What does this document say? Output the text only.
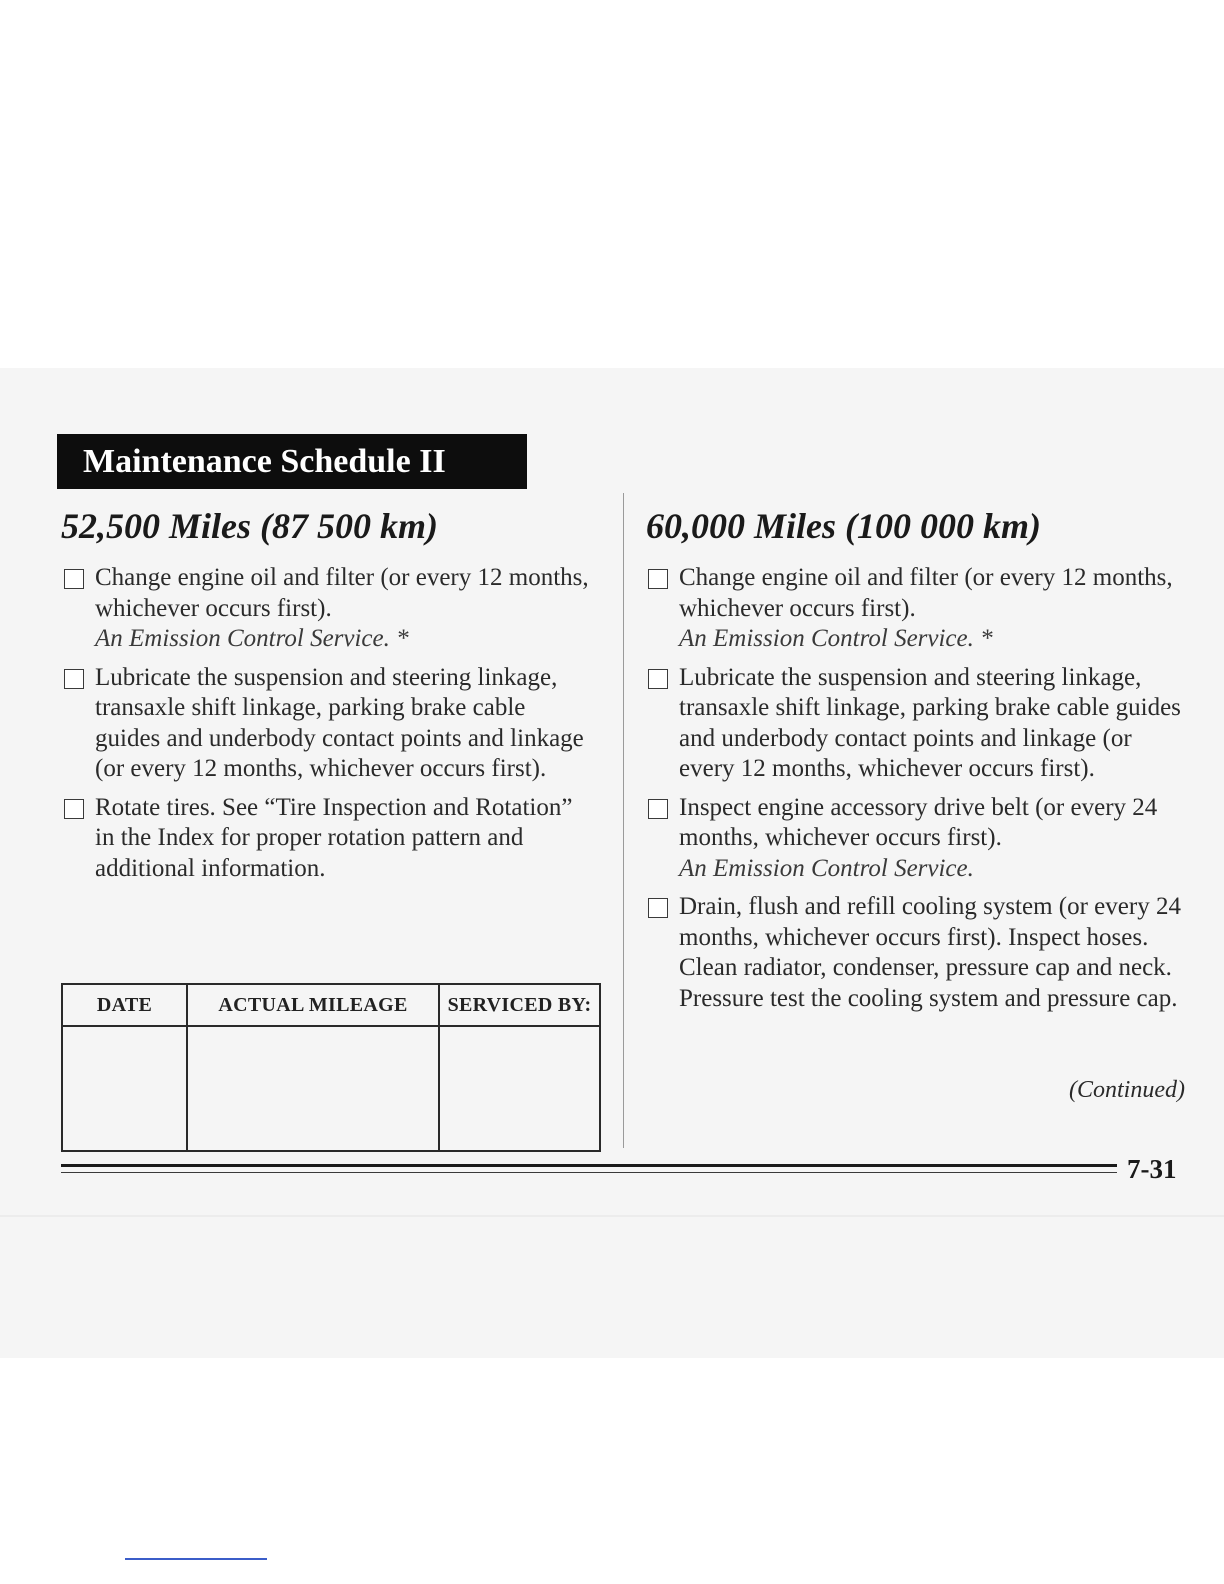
Maintenance Schedule II
52,500 Miles (87 500 km)
Change engine oil and filter (or every 12 months, whichever occurs first).
An Emission Control Service. *
Lubricate the suspension and steering linkage, transaxle shift linkage, parking brake cable guides and underbody contact points and linkage (or every 12 months, whichever occurs first).
Rotate tires. See “Tire Inspection and Rotation” in the Index for proper rotation pattern and additional information.
DATE	ACTUAL MILEAGE	SERVICED BY:

60,000 Miles (100 000 km)
Change engine oil and filter (or every 12 months, whichever occurs first).
An Emission Control Service. *
Lubricate the suspension and steering linkage, transaxle shift linkage, parking brake cable guides and underbody contact points and linkage (or every 12 months, whichever occurs first).
Inspect engine accessory drive belt (or every 24 months, whichever occurs first).
An Emission Control Service.
Drain, flush and refill cooling system (or every 24 months, whichever occurs first). Inspect hoses. Clean radiator, condenser, pressure cap and neck. Pressure test the cooling system and pressure cap.
(Continued)
7-31
